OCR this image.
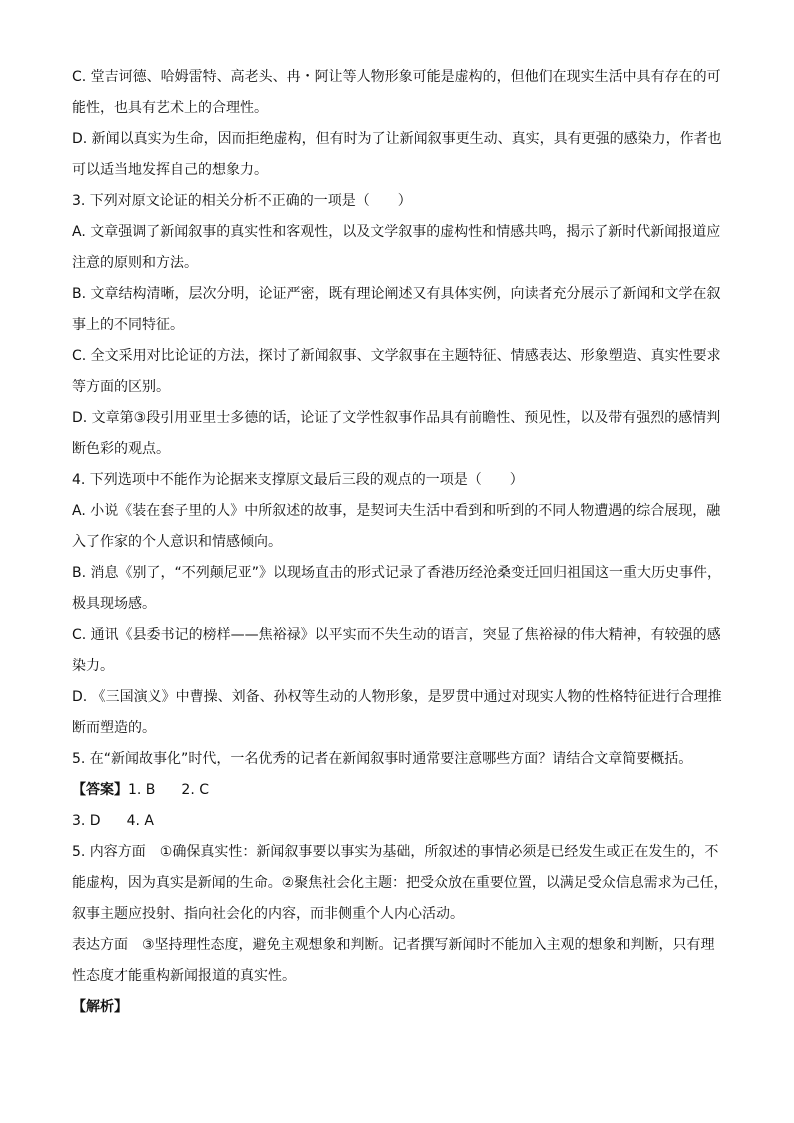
C. 堂吉诃德、哈姆雷特、高老头、冉・阿让等人物形象可能是虚构的，但他们在现实生活中具有存在的可
能性，也具有艺术上的合理性。
D. 新闻以真实为生命，因而拒绝虚构，但有时为了让新闻叙事更生动、真实，具有更强的感染力，作者也
可以适当地发挥自己的想象力。
3. 下列对原文论证的相关分析不正确的一项是（　　）
A. 文章强调了新闻叙事的真实性和客观性，以及文学叙事的虚构性和情感共鸣，揭示了新时代新闻报道应
注意的原则和方法。
B. 文章结构清晰，层次分明，论证严密，既有理论阐述又有具体实例，向读者充分展示了新闻和文学在叙
事上的不同特征。
C. 全文采用对比论证的方法，探讨了新闻叙事、文学叙事在主题特征、情感表达、形象塑造、真实性要求
等方面的区别。
D. 文章第③段引用亚里士多德的话，论证了文学性叙事作品具有前瞻性、预见性，以及带有强烈的感情判
断色彩的观点。
4. 下列选项中不能作为论据来支撑原文最后三段的观点的一项是（　　）
A. 小说《装在套子里的人》中所叙述的故事，是契诃夫生活中看到和听到的不同人物遭遇的综合展现，融
入了作家的个人意识和情感倾向。
B. 消息《别了，“不列颠尼亚”》以现场直击的形式记录了香港历经沧桑变迁回归祖国这一重大历史事件，
极具现场感。
C. 通讯《县委书记的榜样——焦裕禄》以平实而不失生动的语言，突显了焦裕禄的伟大精神，有较强的感
染力。
D. 《三国演义》中曹操、刘备、孙权等生动的人物形象，是罗贯中通过对现实人物的性格特征进行合理推
断而塑造的。
5. 在“新闻故事化”时代，一名优秀的记者在新闻叙事时通常要注意哪些方面？请结合文章简要概括。
【答案】1. B 2. C
3. D 4. A
5. 内容方面　①确保真实性：新闻叙事要以事实为基础，所叙述的事情必须是已经发生或正在发生的，不
能虚构，因为真实是新闻的生命。②聚焦社会化主题：把受众放在重要位置，以满足受众信息需求为己任，
叙事主题应投射、指向社会化的内容，而非侧重个人内心活动。
表达方面　③坚持理性态度，避免主观想象和判断。记者撰写新闻时不能加入主观的想象和判断，只有理
性态度才能重构新闻报道的真实性。
【解析】
